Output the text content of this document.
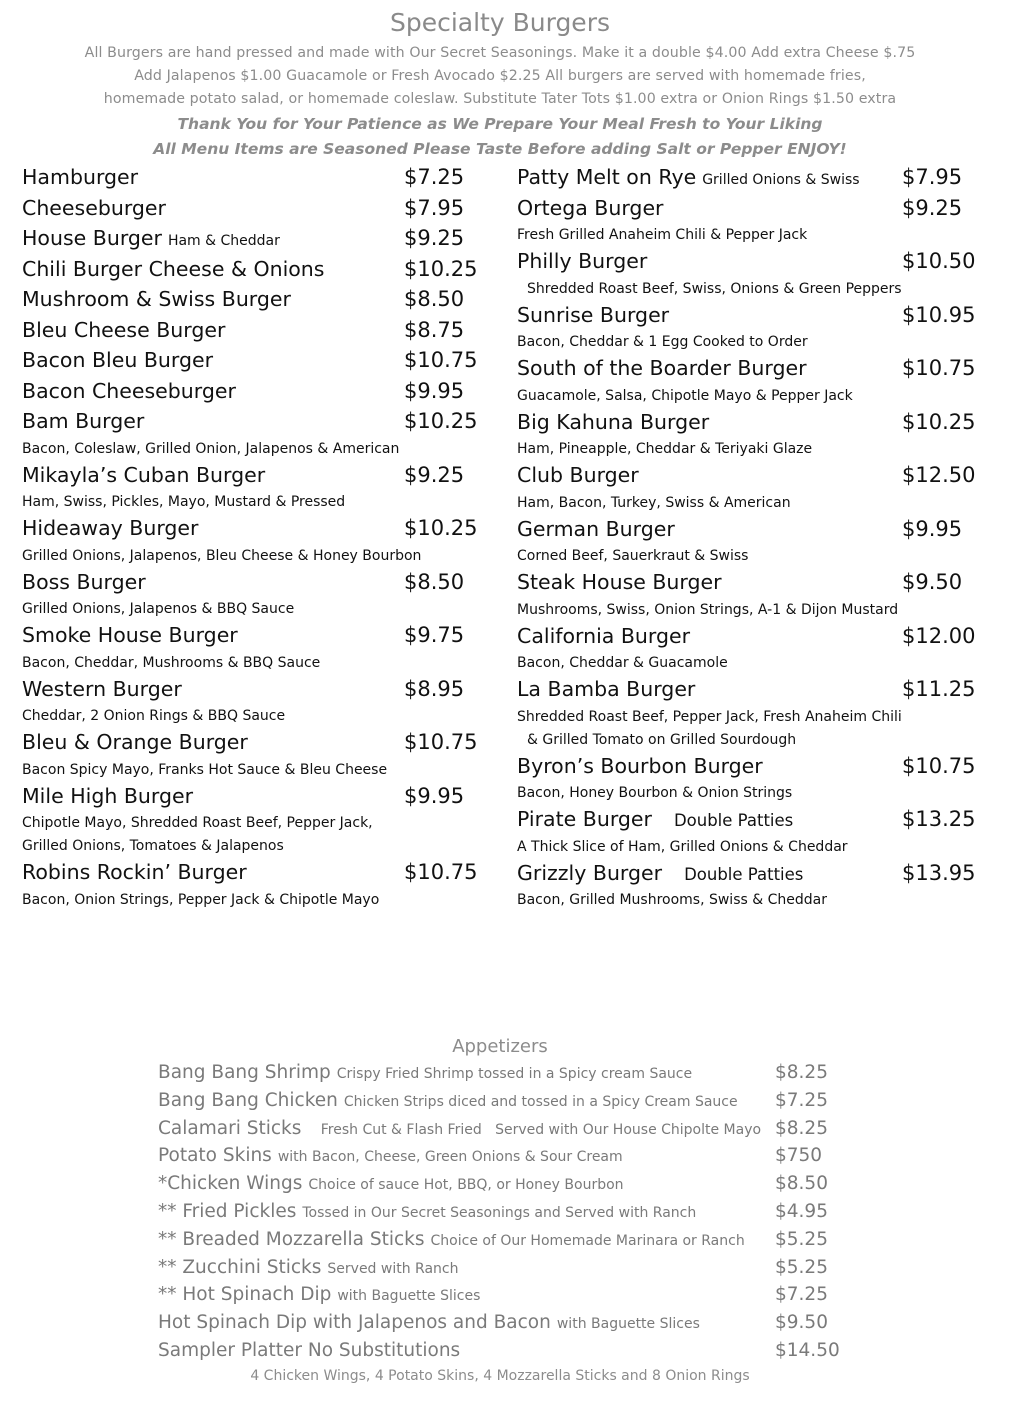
Specialty Burgers
All Burgers are hand pressed and made with Our Secret Seasonings. Make it a double $4.00 Add extra Cheese $.75
Add Jalapenos $1.00 Guacamole or Fresh Avocado $2.25 All burgers are served with homemade fries,
homemade potato salad, or homemade coleslaw. Substitute Tater Tots $1.00 extra or Onion Rings $1.50 extra
Thank You for Your Patience as We Prepare Your Meal Fresh to Your Liking
All Menu Items are Seasoned Please Taste Before adding Salt or Pepper ENJOY!
Hamburger	$7.25
Cheeseburger	$7.95
House Burger Ham & Cheddar	$9.25
Chili Burger Cheese & Onions	$10.25
Mushroom & Swiss Burger	$8.50
Bleu Cheese Burger	$8.75
Bacon Bleu Burger	$10.75
Bacon Cheeseburger	$9.95
Bam Burger	$10.25
Bacon, Coleslaw, Grilled Onion, Jalapenos & American
Mikayla’s Cuban Burger	$9.25
Ham, Swiss, Pickles, Mayo, Mustard & Pressed
Hideaway Burger	$10.25
Grilled Onions, Jalapenos, Bleu Cheese & Honey Bourbon
Boss Burger	$8.50
Grilled Onions, Jalapenos & BBQ Sauce
Smoke House Burger	$9.75
Bacon, Cheddar, Mushrooms & BBQ Sauce
Western Burger	$8.95
Cheddar, 2 Onion Rings & BBQ Sauce
Bleu & Orange Burger	$10.75
Bacon Spicy Mayo, Franks Hot Sauce & Bleu Cheese
Mile High Burger	$9.95
Chipotle Mayo, Shredded Roast Beef, Pepper Jack,
Grilled Onions, Tomatoes & Jalapenos
Robins Rockin’ Burger	$10.75
Bacon, Onion Strings, Pepper Jack & Chipotle Mayo
Patty Melt on Rye Grilled Onions & Swiss $7.95
Ortega Burger	$9.25
Fresh Grilled Anaheim Chili & Pepper Jack
Philly Burger	$10.50
Shredded Roast Beef, Swiss, Onions & Green Peppers
Sunrise Burger	$10.95
Bacon, Cheddar & 1 Egg Cooked to Order
South of the Boarder Burger	$10.75
Guacamole, Salsa, Chipotle Mayo & Pepper Jack
Big Kahuna Burger	$10.25
Ham, Pineapple, Cheddar & Teriyaki Glaze
Club Burger	$12.50
Ham, Bacon, Turkey, Swiss & American
German Burger	$9.95
Corned Beef, Sauerkraut & Swiss
Steak House Burger	$9.50
Mushrooms, Swiss, Onion Strings, A-1 & Dijon Mustard
California Burger	$12.00
Bacon, Cheddar & Guacamole
La Bamba Burger	$11.25
Shredded Roast Beef, Pepper Jack, Fresh Anaheim Chili
& Grilled Tomato on Grilled Sourdough
Byron’s Bourbon Burger	$10.75
Bacon, Honey Bourbon & Onion Strings
Pirate Burger Double Patties	$13.25
A Thick Slice of Ham, Grilled Onions & Cheddar
Grizzly Burger Double Patties	$13.95
Bacon, Grilled Mushrooms, Swiss & Cheddar
Appetizers
Bang Bang Shrimp Crispy Fried Shrimp tossed in a Spicy cream Sauce	$8.25
Bang Bang Chicken Chicken Strips diced and tossed in a Spicy Cream Sauce $7.25
Calamari Sticks   Fresh Cut & Flash Fried   Served with Our House Chipolte Mayo $8.25
Potato Skins with Bacon, Cheese, Green Onions & Sour Cream	$750
*Chicken Wings Choice of sauce Hot, BBQ, or Honey Bourbon	$8.50
** Fried Pickles Tossed in Our Secret Seasonings and Served with Ranch	$4.95
** Breaded Mozzarella Sticks Choice of Our Homemade Marinara or Ranch $5.25
** Zucchini Sticks Served with Ranch	$5.25
** Hot Spinach Dip with Baguette Slices	$7.25
Hot Spinach Dip with Jalapenos and Bacon with Baguette Slices	$9.50
Sampler Platter No Substitutions	$14.50
4 Chicken Wings, 4 Potato Skins, 4 Mozzarella Sticks and 8 Onion Rings
